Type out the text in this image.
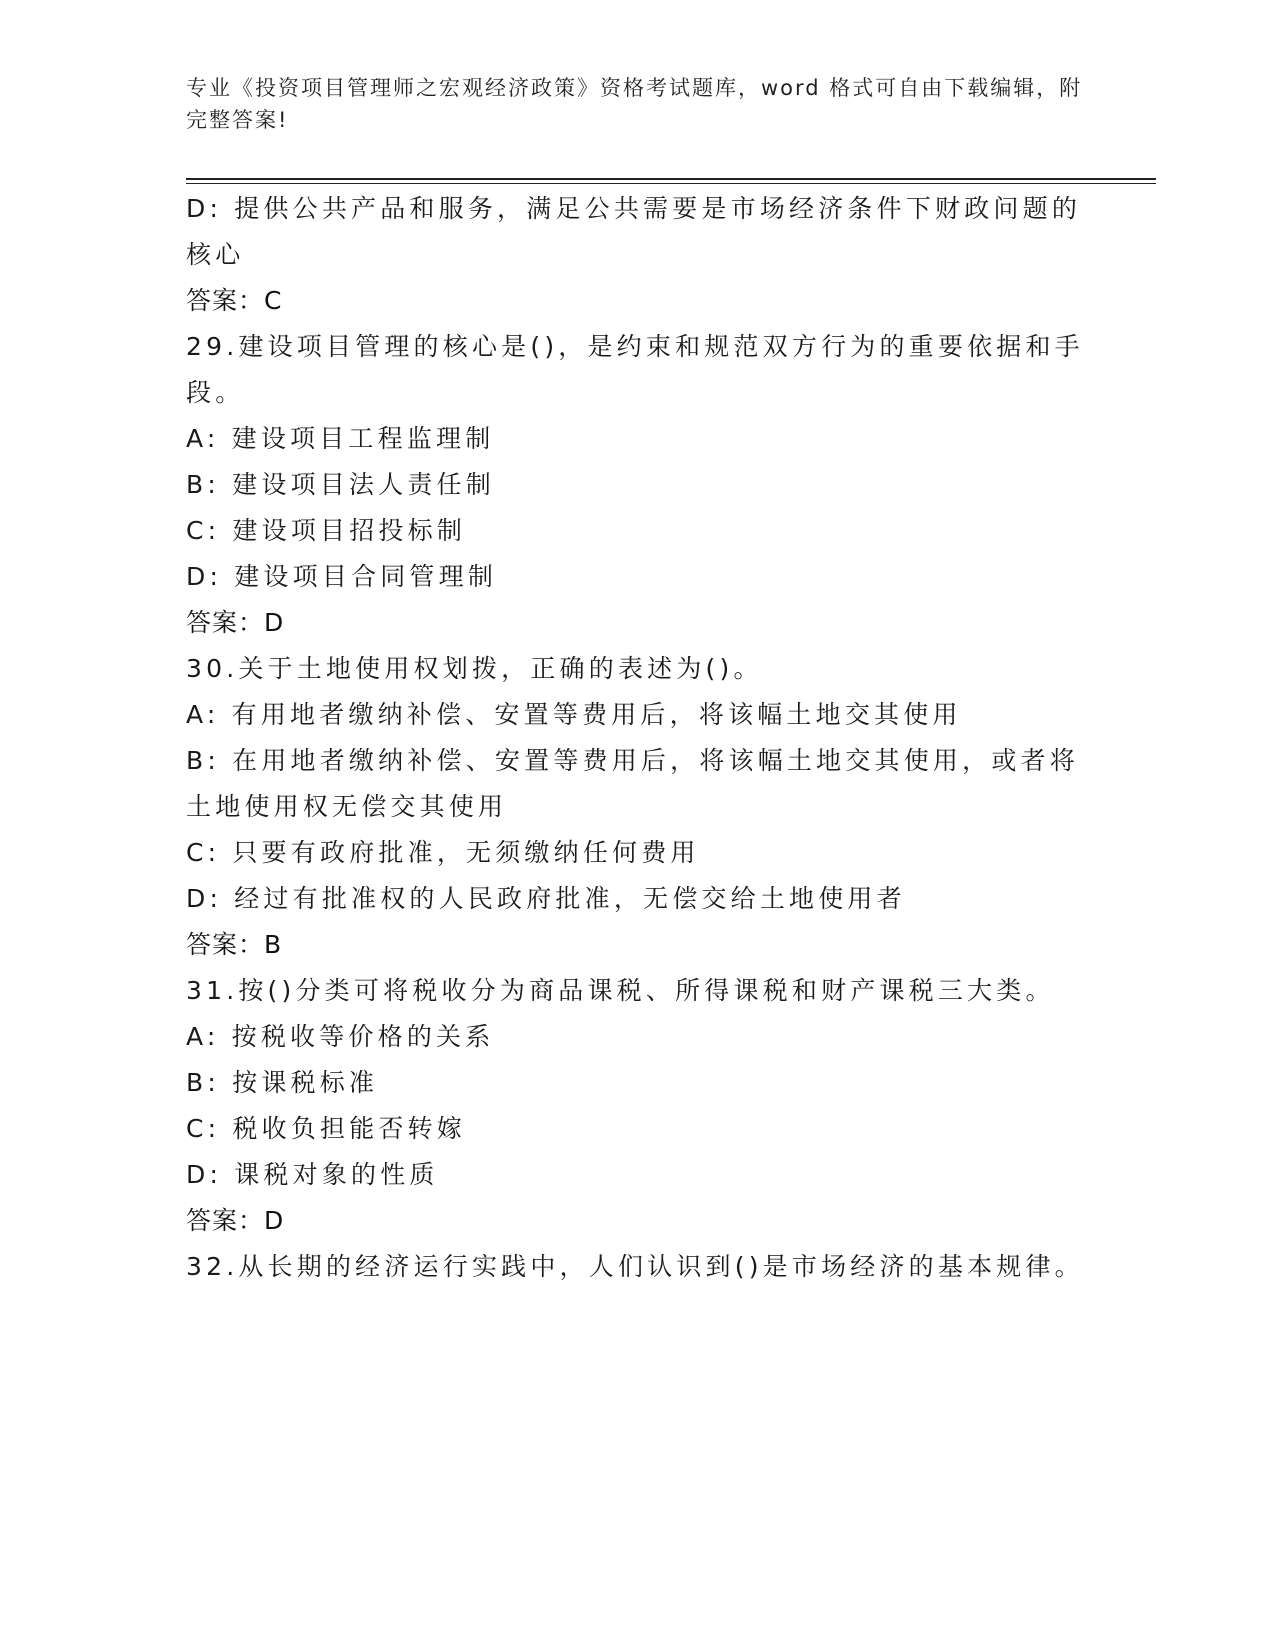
专业《投资项目管理师之宏观经济政策》资格考试题库，word 格式可自由下载编辑，附完整答案!
D: 提供公共产品和服务，满足公共需要是市场经济条件下财政问题的
核心
答案：C
29.建设项目管理的核心是()，是约束和规范双方行为的重要依据和手
段。
A: 建设项目工程监理制
B: 建设项目法人责任制
C: 建设项目招投标制
D: 建设项目合同管理制
答案：D
30.关于土地使用权划拨，正确的表述为()。
A: 有用地者缴纳补偿、安置等费用后，将该幅土地交其使用
B: 在用地者缴纳补偿、安置等费用后，将该幅土地交其使用，或者将
土地使用权无偿交其使用
C: 只要有政府批准，无须缴纳任何费用
D: 经过有批准权的人民政府批准，无偿交给土地使用者
答案：B
31.按()分类可将税收分为商品课税、所得课税和财产课税三大类。
A: 按税收等价格的关系
B: 按课税标准
C: 税收负担能否转嫁
D: 课税对象的性质
答案：D
32.从长期的经济运行实践中，人们认识到()是市场经济的基本规律。
